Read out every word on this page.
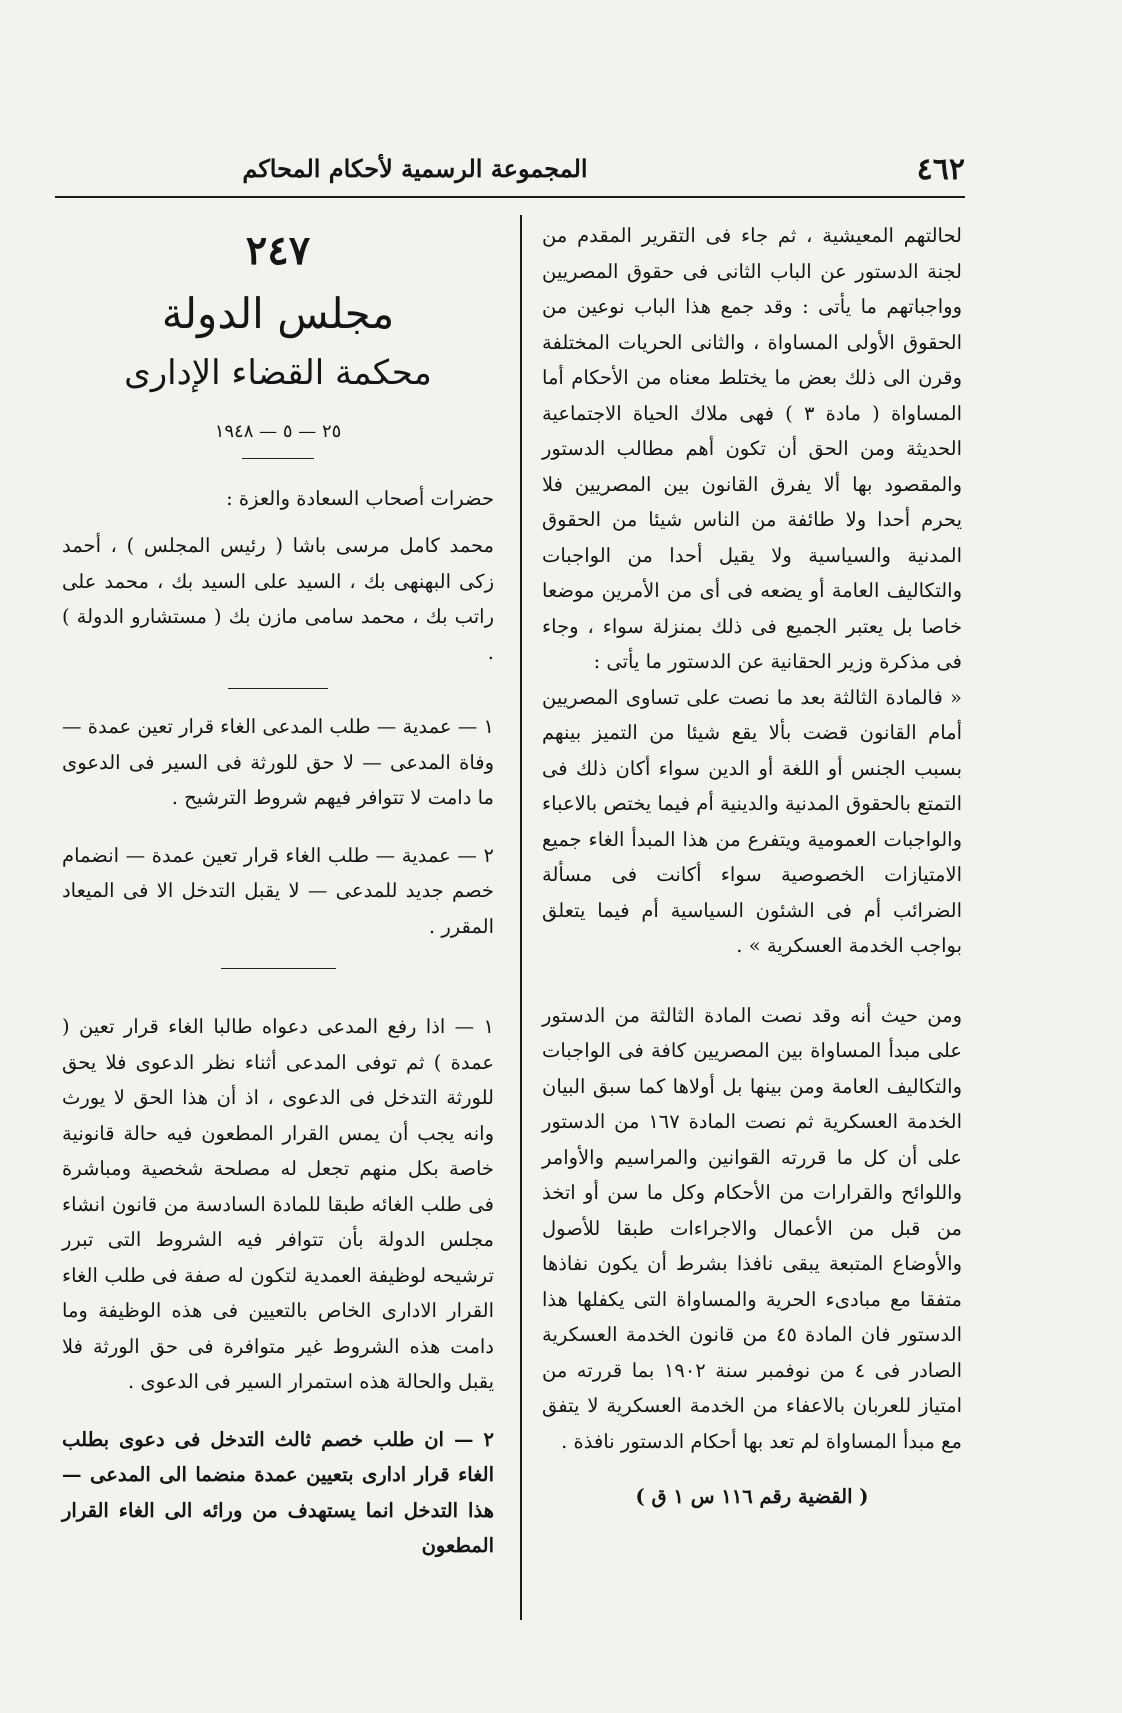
٤٦٢
المجموعة الرسمية لأحكام المحاكم

لحالتهم المعيشية ، ثم جاء فى التقرير المقدم من لجنة الدستور عن الباب الثانى فى حقوق المصريين وواجباتهم ما يأتى : وقد جمع هذا الباب نوعين من الحقوق الأولى المساواة ، والثانى الحريات المختلفة وقرن الى ذلك بعض ما يختلط معناه من الأحكام أما المساواة ( مادة ٣ ) فهى ملاك الحياة الاجتماعية الحديثة ومن الحق أن تكون أهم مطالب الدستور والمقصود بها ألا يفرق القانون بين المصريين فلا يحرم أحدا ولا طائفة من الناس شيئا من الحقوق المدنية والسياسية ولا يقيل أحدا من الواجبات والتكاليف العامة أو يضعه فى أى من الأمرين موضعا خاصا بل يعتبر الجميع فى ذلك بمنزلة سواء ، وجاء فى مذكرة وزير الحقانية عن الدستور ما يأتى :

« فالمادة الثالثة بعد ما نصت على تساوى المصريين أمام القانون قضت بألا يقع شيئا من التميز بينهم بسبب الجنس أو اللغة أو الدين سواء أكان ذلك فى التمتع بالحقوق المدنية والدينية أم فيما يختص بالاعباء والواجبات العمومية ويتفرع من هذا المبدأ الغاء جميع الامتيازات الخصوصية سواء أكانت فى مسألة الضرائب أم فى الشئون السياسية أم فيما يتعلق بواجب الخدمة العسكرية » .

ومن حيث أنه وقد نصت المادة الثالثة من الدستور على مبدأ المساواة بين المصريين كافة فى الواجبات والتكاليف العامة ومن بينها بل أولاها كما سبق البيان الخدمة العسكرية ثم نصت المادة ١٦٧ من الدستور على أن كل ما قررته القوانين والمراسيم والأوامر واللوائح والقرارات من الأحكام وكل ما سن أو اتخذ من قبل من الأعمال والاجراءات طبقا للأصول والأوضاع المتبعة يبقى نافذا بشرط أن يكون نفاذها متفقا مع مبادىء الحرية والمساواة التى يكفلها هذا الدستور فان المادة ٤٥ من قانون الخدمة العسكرية الصادر فى ٤ من نوفمبر سنة ١٩٠٢ بما قررته من امتياز للعربان بالاعفاء من الخدمة العسكرية لا يتفق مع مبدأ المساواة لم تعد بها أحكام الدستور نافذة .

( القضية رقم ١١٦ س ١ ق )

٢٤٧

مجلس الدولة

محكمة القضاء الإدارى

٢٥ — ٥ — ١٩٤٨

حضرات أصحاب السعادة والعزة :

محمد كامل مرسى باشا ( رئيس المجلس ) ، أحمد زكى البهنهى بك ، السيد على السيد بك ، محمد على راتب بك ، محمد سامى مازن بك ( مستشارو الدولة ) .

١ — عمدية — طلب المدعى الغاء قرار تعين عمدة — وفاة المدعى — لا حق للورثة فى السير فى الدعوى ما دامت لا تتوافر فيهم شروط الترشيح .

٢ — عمدية — طلب الغاء قرار تعين عمدة — انضمام خصم جديد للمدعى — لا يقبل التدخل الا فى الميعاد المقرر .

١ — اذا رفع المدعى دعواه طالبا الغاء قرار تعين ( عمدة ) ثم توفى المدعى أثناء نظر الدعوى فلا يحق للورثة التدخل فى الدعوى ، اذ أن هذا الحق لا يورث وانه يجب أن يمس القرار المطعون فيه حالة قانونية خاصة بكل منهم تجعل له مصلحة شخصية ومباشرة فى طلب الغائه طبقا للمادة السادسة من قانون انشاء مجلس الدولة بأن تتوافر فيه الشروط التى تبرر ترشيحه لوظيفة العمدية لتكون له صفة فى طلب الغاء القرار الادارى الخاص بالتعيين فى هذه الوظيفة وما دامت هذه الشروط غير متوافرة فى حق الورثة فلا يقبل والحالة هذه استمرار السير فى الدعوى .

٢ — ان طلب خصم ثالث التدخل فى دعوى بطلب الغاء قرار ادارى بتعيين عمدة منضما الى المدعى — هذا التدخل انما يستهدف من ورائه الى الغاء القرار المطعون
